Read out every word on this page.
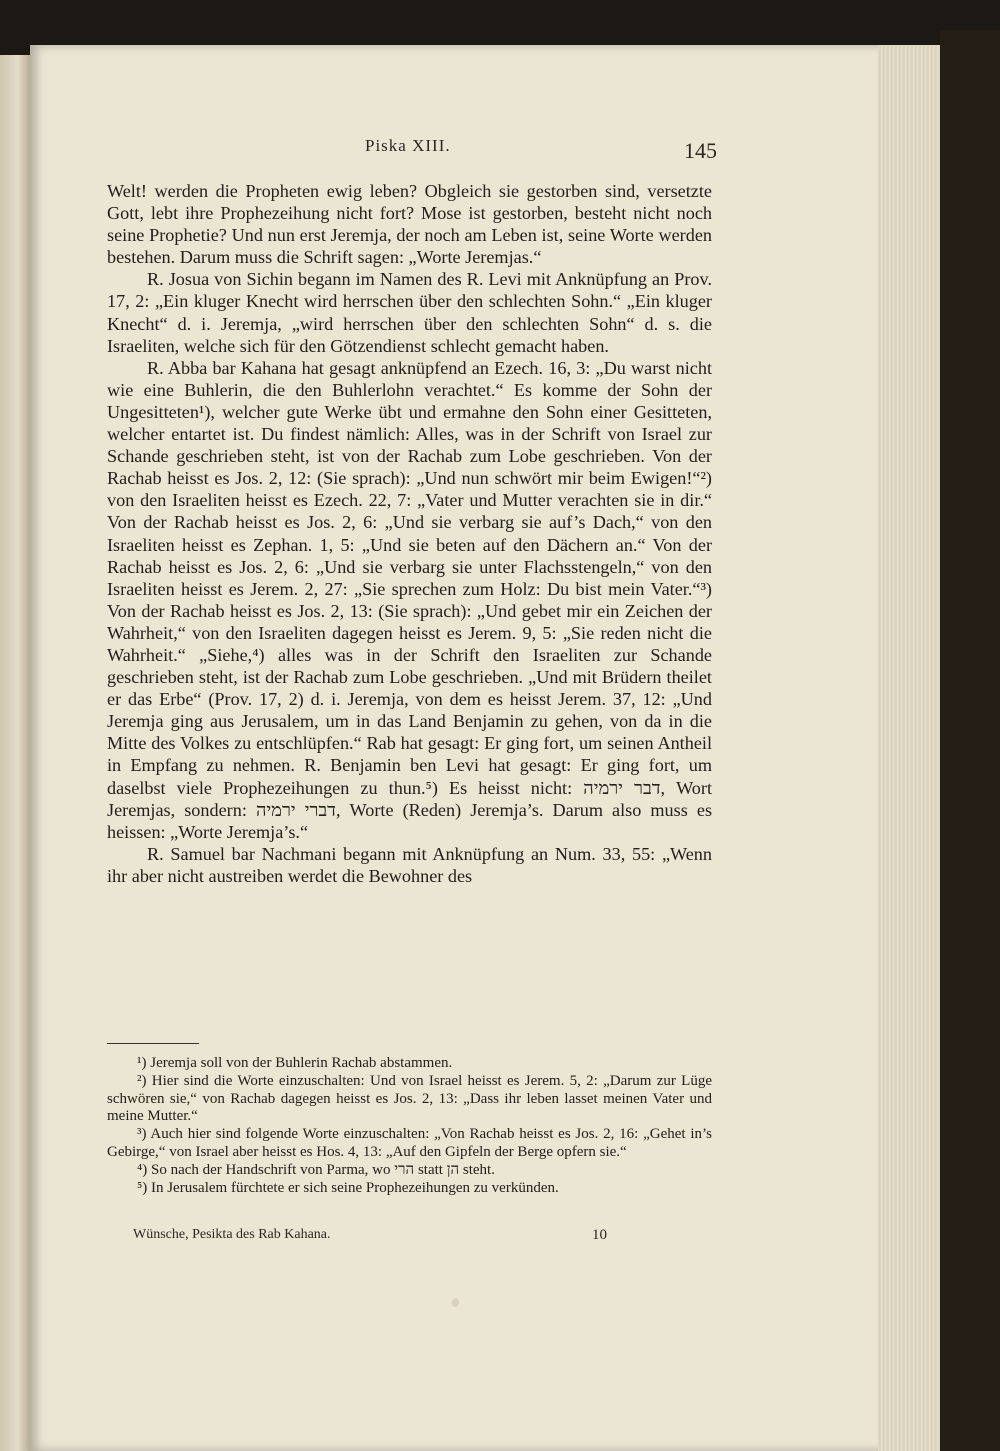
Piska XIII.	145

Welt! werden die Propheten ewig leben? Obgleich sie gestorben sind, versetzte Gott, lebt ihre Prophezeihung nicht fort? Mose ist gestorben, besteht nicht noch seine Prophetie? Und nun erst Jeremja, der noch am Leben ist, seine Worte werden bestehen. Darum muss die Schrift sagen: „Worte Jeremjas.“

R. Josua von Sichin begann im Namen des R. Levi mit Anknüpfung an Prov. 17, 2: „Ein kluger Knecht wird herrschen über den schlechten Sohn.“ „Ein kluger Knecht“ d. i. Jeremja, „wird herrschen über den schlechten Sohn“ d. s. die Israeliten, welche sich für den Götzendienst schlecht gemacht haben.

R. Abba bar Kahana hat gesagt anknüpfend an Ezech. 16, 3: „Du warst nicht wie eine Buhlerin, die den Buhlerlohn verachtet.“ Es komme der Sohn der Ungesitteten¹), welcher gute Werke übt und ermahne den Sohn einer Gesitteten, welcher entartet ist. Du findest nämlich: Alles, was in der Schrift von Israel zur Schande geschrieben steht, ist von der Rachab zum Lobe geschrieben. Von der Rachab heisst es Jos. 2, 12: (Sie sprach): „Und nun schwört mir beim Ewigen!“²) von den Israeliten heisst es Ezech. 22, 7: „Vater und Mutter verachten sie in dir.“ Von der Rachab heisst es Jos. 2, 6: „Und sie verbarg sie auf’s Dach,“ von den Israeliten heisst es Zephan. 1, 5: „Und sie beten auf den Dächern an.“ Von der Rachab heisst es Jos. 2, 6: „Und sie verbarg sie unter Flachsstengeln,“ von den Israeliten heisst es Jerem. 2, 27: „Sie sprechen zum Holz: Du bist mein Vater.“³) Von der Rachab heisst es Jos. 2, 13: (Sie sprach): „Und gebet mir ein Zeichen der Wahrheit,“ von den Israeliten dagegen heisst es Jerem. 9, 5: „Sie reden nicht die Wahrheit.“ „Siehe,⁴) alles was in der Schrift den Israeliten zur Schande geschrieben steht, ist der Rachab zum Lobe geschrieben. „Und mit Brüdern theilet er das Erbe“ (Prov. 17, 2) d. i. Jeremja, von dem es heisst Jerem. 37, 12: „Und Jeremja ging aus Jerusalem, um in das Land Benjamin zu gehen, von da in die Mitte des Volkes zu entschlüpfen.“ Rab hat gesagt: Er ging fort, um seinen Antheil in Empfang zu nehmen. R. Benjamin ben Levi hat gesagt: Er ging fort, um daselbst viele Prophezeihungen zu thun.⁵) Es heisst nicht: דבר ירמיה, Wort Jeremjas, sondern: דברי ירמיה, Worte (Reden) Jeremja’s. Darum also muss es heissen: „Worte Jeremja’s.“

R. Samuel bar Nachmani begann mit Anknüpfung an Num. 33, 55: „Wenn ihr aber nicht austreiben werdet die Bewohner des

¹) Jeremja soll von der Buhlerin Rachab abstammen.

²) Hier sind die Worte einzuschalten: Und von Israel heisst es Jerem. 5, 2: „Darum zur Lüge schwören sie,“ von Rachab dagegen heisst es Jos. 2, 13: „Dass ihr leben lasset meinen Vater und meine Mutter.“

³) Auch hier sind folgende Worte einzuschalten: „Von Rachab heisst es Jos. 2, 16: „Gehet in’s Gebirge,“ von Israel aber heisst es Hos. 4, 13: „Auf den Gipfeln der Berge opfern sie.“

⁴) So nach der Handschrift von Parma, wo הרי statt הן steht.

⁵) In Jerusalem fürchtete er sich seine Prophezeihungen zu verkünden.

Wünsche, Pesikta des Rab Kahana.	10
